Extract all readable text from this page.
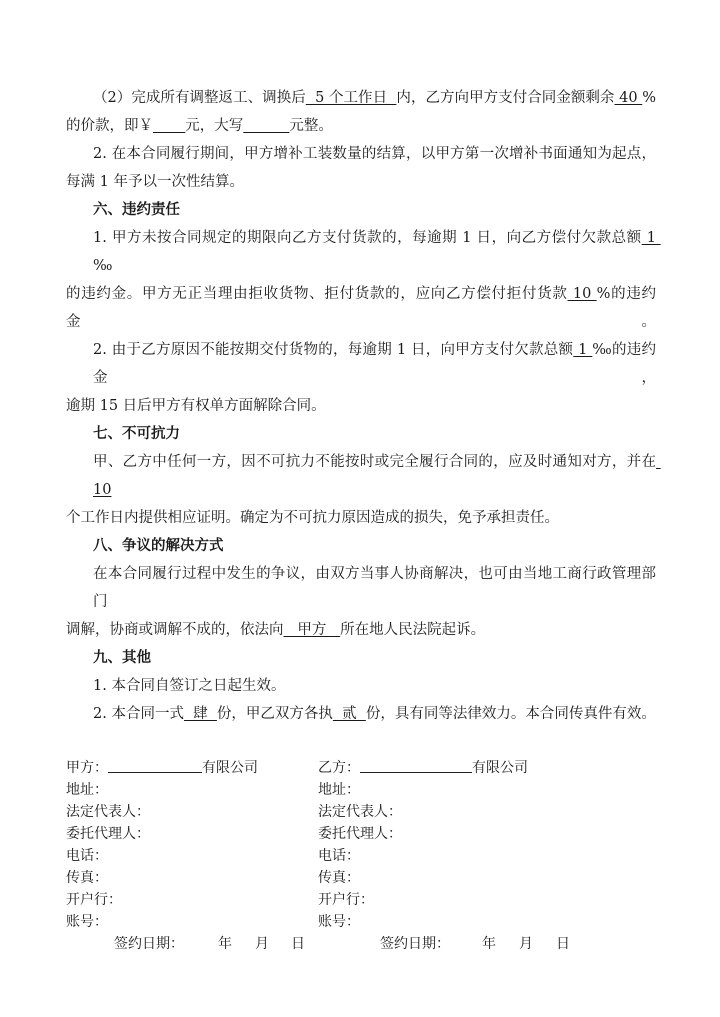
（2）完成所有调整返工、调换后  5 个工作日  内，乙方向甲方支付合同金额剩余 40 %
的价款，即￥ 元，大写	元整。
2. 在本合同履行期间，甲方增补工装数量的结算，以甲方第一次增补书面通知为起点，
每满 1 年予以一次性结算。
六、违约责任
1. 甲方未按合同规定的期限向乙方支付货款的，每逾期 1 日，向乙方偿付欠款总额 1 ‰
的违约金。甲方无正当理由拒收货物、拒付货款的，应向乙方偿付拒付货款 10 %的违约金。
2. 由于乙方原因不能按期交付货物的，每逾期 1 日，向甲方支付欠款总额 1 ‰的违约金，
逾期 15 日后甲方有权单方面解除合同。
七、不可抗力
甲、乙方中任何一方，因不可抗力不能按时或完全履行合同的，应及时通知对方，并在 10
个工作日内提供相应证明。确定为不可抗力原因造成的损失，免予承担责任。
八、争议的解决方式
在本合同履行过程中发生的争议，由双方当事人协商解决，也可由当地工商行政管理部门
调解，协商或调解不成的，依法向   甲方   所在地人民法院起诉。
九、其他
1. 本合同自签订之日起生效。
2. 本合同一式  肆  份，甲乙双方各执  贰  份，具有同等法律效力。本合同传真件有效。
甲方：	有限公司	乙方：	有限公司
地址：	地址：
法定代表人：	法定代表人：
委托代理人：	委托代理人：
电话：	电话：
传真：	传真：
开户行：	开户行：
账号：	账号：
签约日期：	年	月	日	签约日期：	年	月	日
